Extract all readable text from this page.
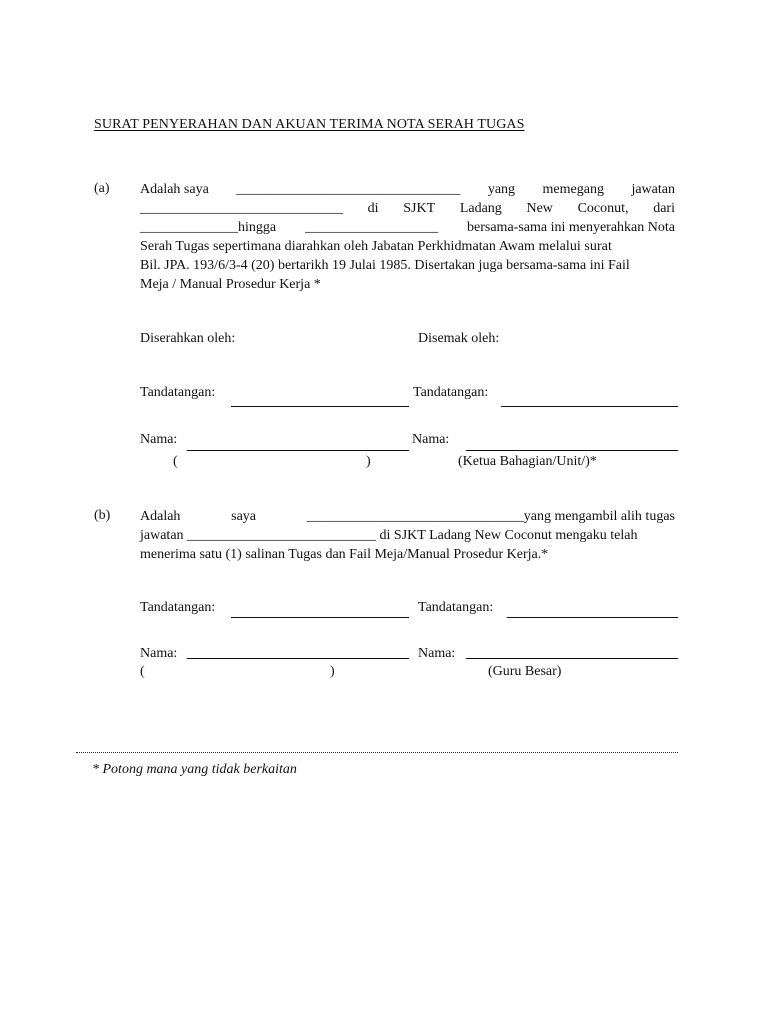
SURAT PENYERAHAN DAN AKUAN TERIMA NOTA SERAH TUGAS
(a) Adalah saya ________________________________ yang memegang jawatan
_____________________________ di SJKT Ladang New Coconut, dari
______________hingga ___________________ bersama-sama ini menyerahkan Nota
Serah Tugas sepertimana diarahkan oleh Jabatan Perkhidmatan Awam melalui surat
Bil. JPA. 193/6/3-4 (20) bertarikh 19 Julai 1985. Disertakan juga bersama-sama ini Fail
Meja / Manual Prosedur Kerja *
Diserahkan oleh:	Disemak oleh:
Tandatangan:	Tandatangan:
Nama:	Nama:
(	)	(Ketua Bahagian/Unit/)*
(b) Adalah	saya	_______________________________yang mengambil alih tugas
jawatan ___________________________ di SJKT Ladang New Coconut mengaku telah
menerima satu (1) salinan Tugas dan Fail Meja/Manual Prosedur Kerja.*
Tandatangan:	Tandatangan:
Nama:	Nama:
(	)	(Guru Besar)
* Potong mana yang tidak berkaitan
